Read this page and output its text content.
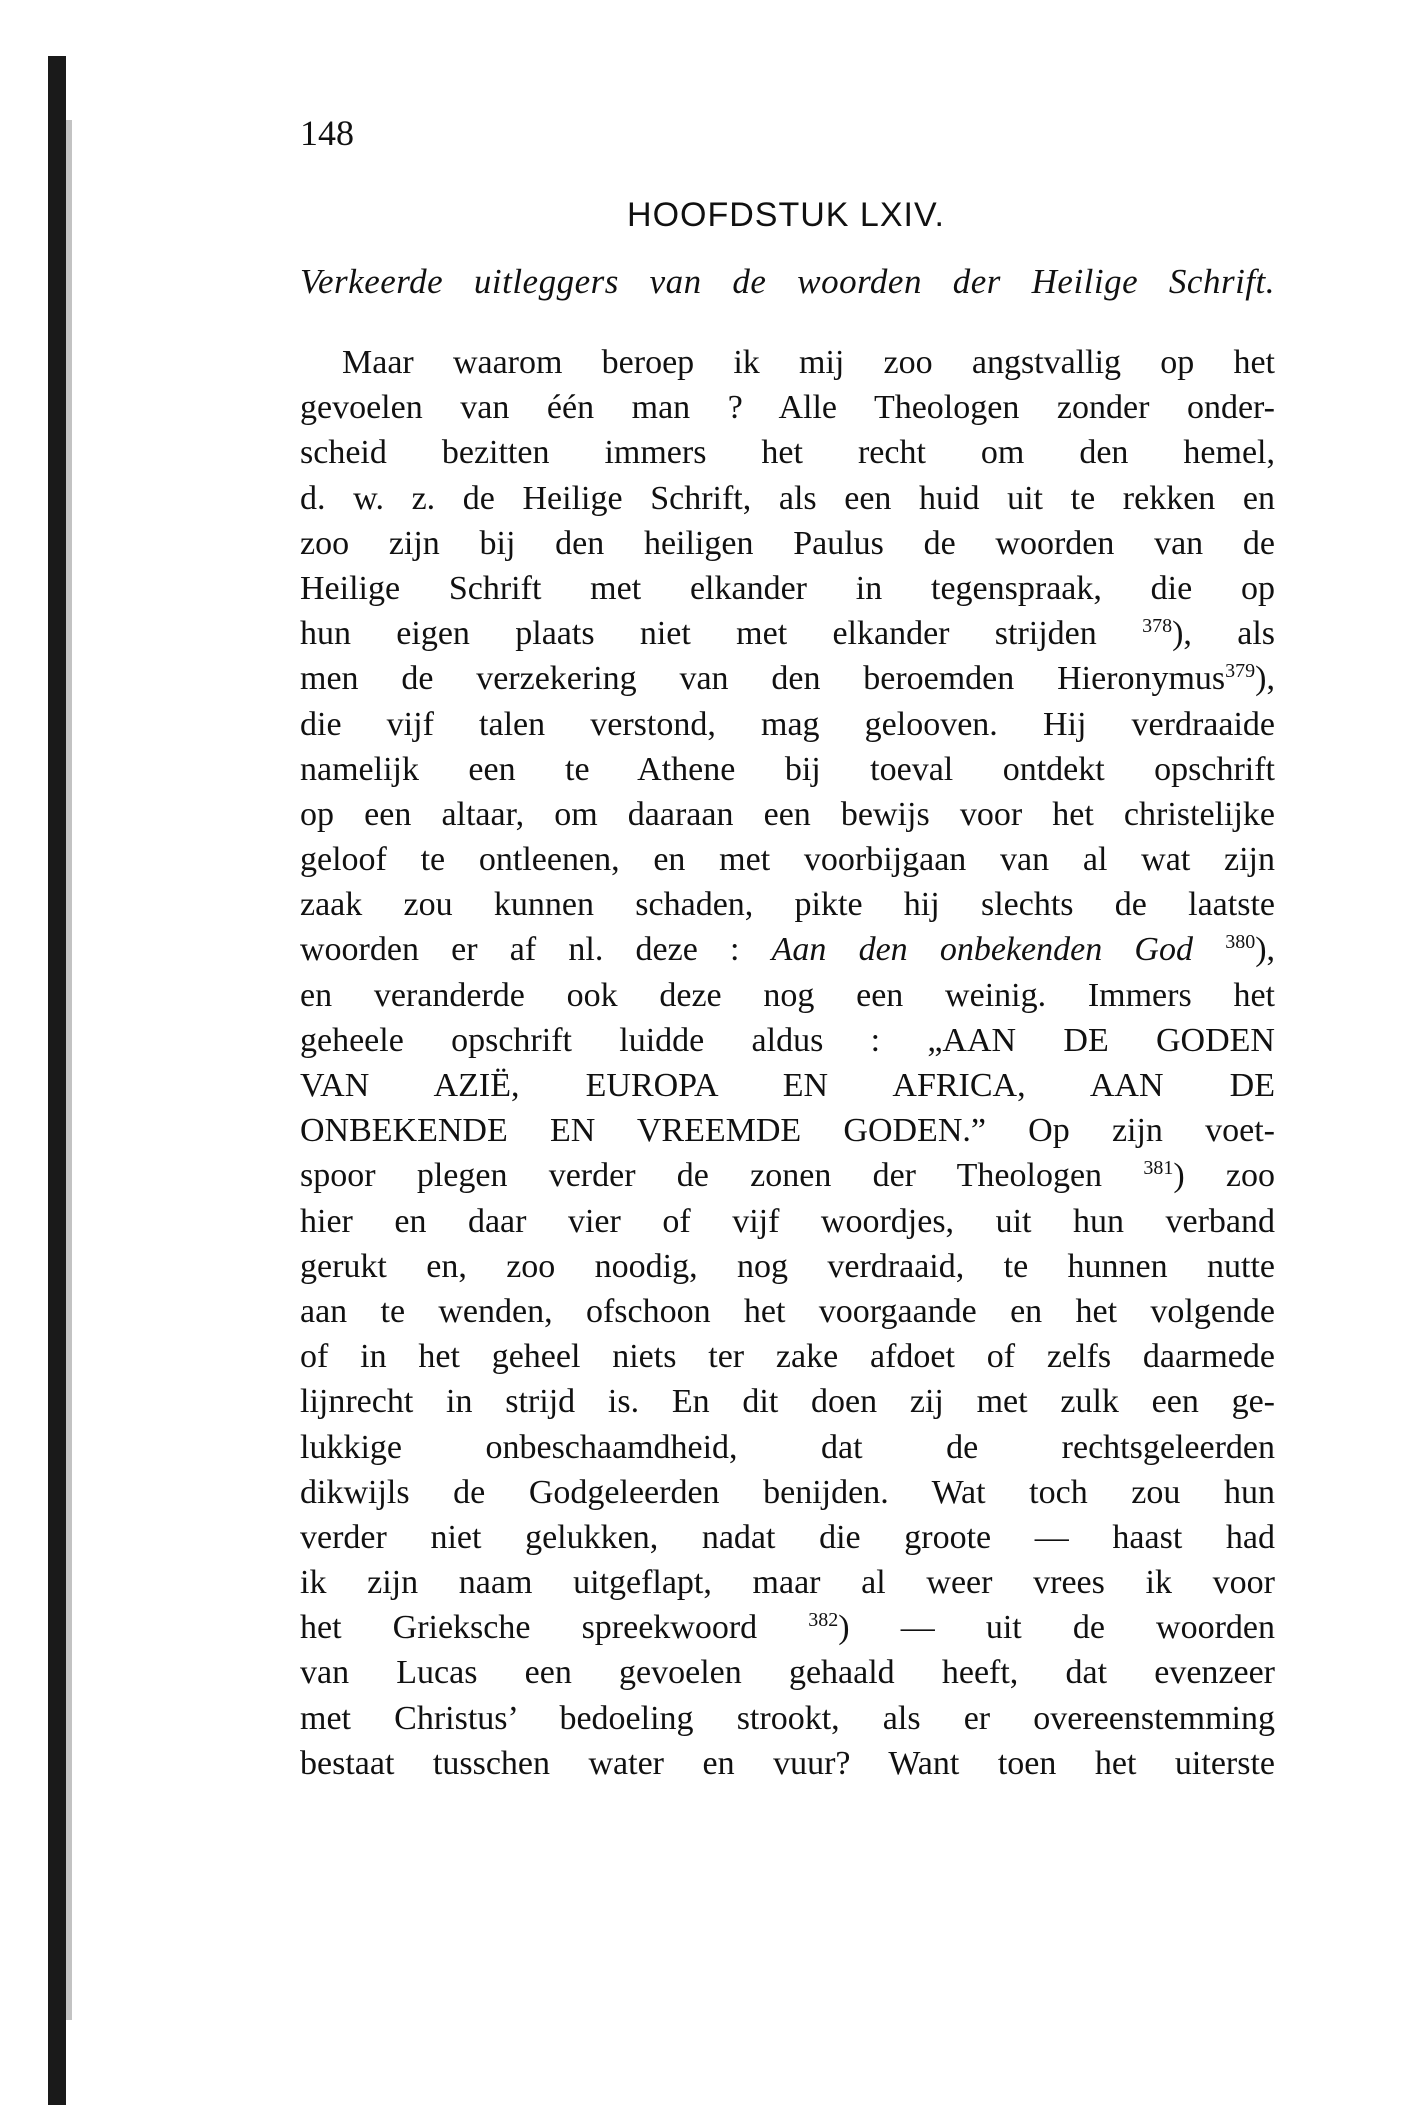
148
HOOFDSTUK LXIV.
Verkeerde uitleggers van de woorden der Heilige Schrift.
Maar waarom beroep ik mij zoo angstvallig op het
gevoelen van één man ? Alle Theologen zonder onder-
scheid bezitten immers het recht om den hemel,
d. w. z. de Heilige Schrift, als een huid uit te rekken en
zoo zijn bij den heiligen Paulus de woorden van de
Heilige Schrift met elkander in tegenspraak, die op
hun eigen plaats niet met elkander strijden $^{378}$), als
men de verzekering van den beroemden Hieronymus$^{379}$),
die vijf talen verstond, mag gelooven. Hij verdraaide
namelijk een te Athene bij toeval ontdekt opschrift
op een altaar, om daaraan een bewijs voor het christelijke
geloof te ontleenen, en met voorbijgaan van al wat zijn
zaak zou kunnen schaden, pikte hij slechts de laatste
woorden er af nl. deze : Aan den onbekenden God $^{380}$),
en veranderde ook deze nog een weinig. Immers het
geheele opschrift luidde aldus : „AAN DE GODEN
VAN AZIË, EUROPA EN AFRICA, AAN DE
ONBEKENDE EN VREEMDE GODEN.” Op zijn voet-
spoor plegen verder de zonen der Theologen $^{381}$) zoo
hier en daar vier of vijf woordjes, uit hun verband
gerukt en, zoo noodig, nog verdraaid, te hunnen nutte
aan te wenden, ofschoon het voorgaande en het volgende
of in het geheel niets ter zake afdoet of zelfs daarmede
lijnrecht in strijd is. En dit doen zij met zulk een ge-
lukkige onbeschaamdheid, dat de rechtsgeleerden
dikwijls de Godgeleerden benijden. Wat toch zou hun
verder niet gelukken, nadat die groote — haast had
ik zijn naam uitgeflapt, maar al weer vrees ik voor
het Grieksche spreekwoord $^{382}$) — uit de woorden
van Lucas een gevoelen gehaald heeft, dat evenzeer
met Christus’ bedoeling strookt, als er overeenstemming
bestaat tusschen water en vuur? Want toen het uiterste
